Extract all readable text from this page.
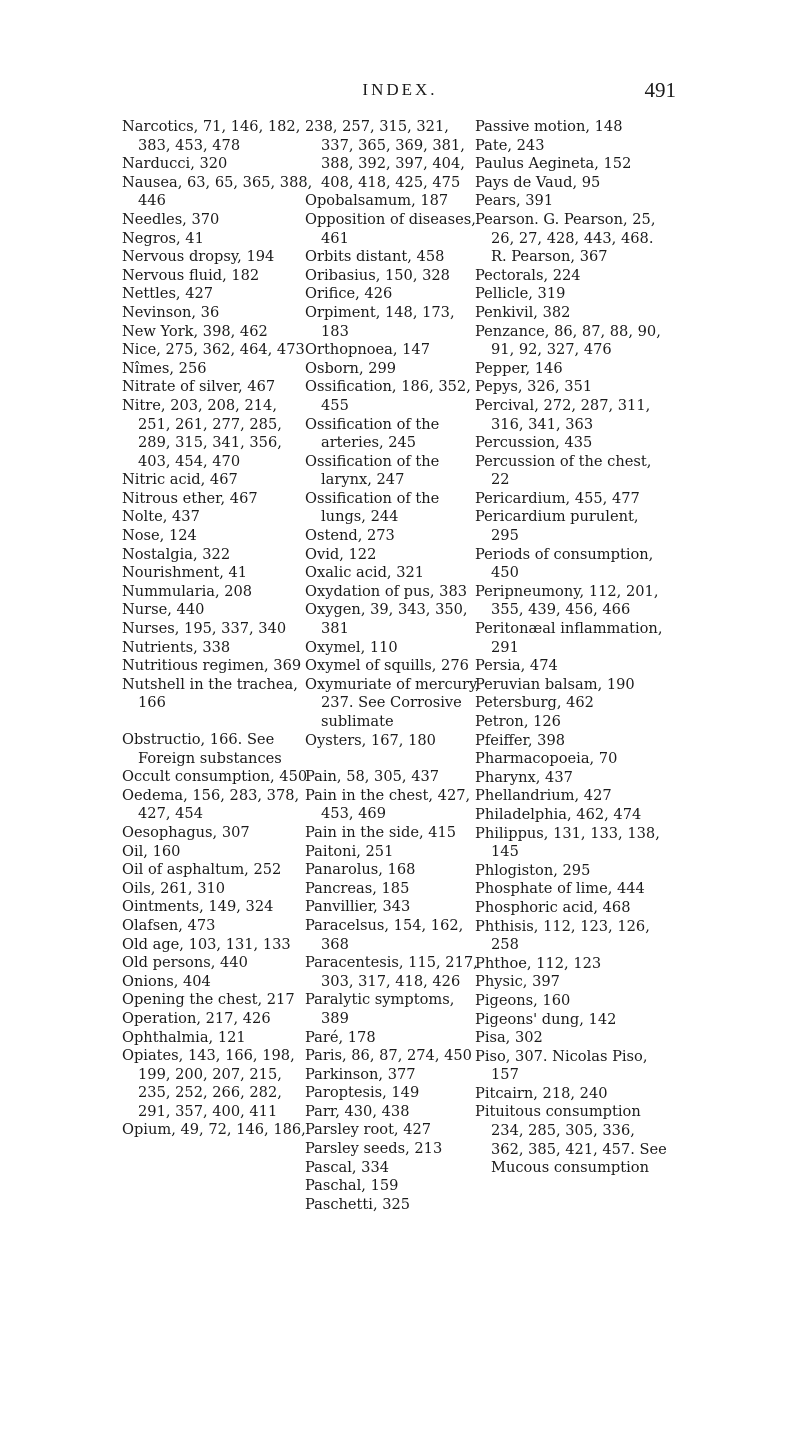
INDEX.	491
Narcotics, 71, 146, 182, 383, 453, 478
Narducci, 320
Nausea, 63, 65, 365, 388, 446
Needles, 370
Negros, 41
Nervous dropsy, 194
Nervous fluid, 182
Nettles, 427
Nevinson, 36
New York, 398, 462
Nice, 275, 362, 464, 473
Nîmes, 256
Nitrate of silver, 467
Nitre, 203, 208, 214, 251, 261, 277, 285, 289, 315, 341, 356, 403, 454, 470
Nitric acid, 467
Nitrous ether, 467
Nolte, 437
Nose, 124
Nostalgia, 322
Nourishment, 41
Nummularia, 208
Nurse, 440
Nurses, 195, 337, 340
Nutrients, 338
Nutritious regimen, 369
Nutshell in the trachea, 166
Obstructio, 166. See Foreign substances
Occult consumption, 450
Oedema, 156, 283, 378, 427, 454
Oesophagus, 307
Oil, 160
Oil of asphaltum, 252
Oils, 261, 310
Ointments, 149, 324
Olafsen, 473
Old age, 103, 131, 133
Old persons, 440
Onions, 404
Opening the chest, 217
Operation, 217, 426
Ophthalmia, 121
Opiates, 143, 166, 198, 199, 200, 207, 215, 235, 252, 266, 282, 291, 357, 400, 411
Opium, 49, 72, 146, 186,
238, 257, 315, 321, 337, 365, 369, 381, 388, 392, 397, 404, 408, 418, 425, 475
Opobalsamum, 187
Opposition of diseases, 461
Orbits distant, 458
Oribasius, 150, 328
Orifice, 426
Orpiment, 148, 173, 183
Orthopnoea, 147
Osborn, 299
Ossification, 186, 352, 455
Ossification of the arteries, 245
Ossification of the larynx, 247
Ossification of the lungs, 244
Ostend, 273
Ovid, 122
Oxalic acid, 321
Oxydation of pus, 383
Oxygen, 39, 343, 350, 381
Oxymel, 110
Oxymel of squills, 276
Oxymuriate of mercury, 237. See Corrosive sublimate
Oysters, 167, 180
Pain, 58, 305, 437
Pain in the chest, 427, 453, 469
Pain in the side, 415
Paitoni, 251
Panarolus, 168
Pancreas, 185
Panvillier, 343
Paracelsus, 154, 162, 368
Paracentesis, 115, 217, 303, 317, 418, 426
Paralytic symptoms, 389
Paré, 178
Paris, 86, 87, 274, 450
Parkinson, 377
Paroptesis, 149
Parr, 430, 438
Parsley root, 427
Parsley seeds, 213
Pascal, 334
Paschal, 159
Paschetti, 325
Passive motion, 148
Pate, 243
Paulus Aegineta, 152
Pays de Vaud, 95
Pears, 391
Pearson. G. Pearson, 25, 26, 27, 428, 443, 468. R. Pearson, 367
Pectorals, 224
Pellicle, 319
Penkivil, 382
Penzance, 86, 87, 88, 90, 91, 92, 327, 476
Pepper, 146
Pepys, 326, 351
Percival, 272, 287, 311, 316, 341, 363
Percussion, 435
Percussion of the chest, 22
Pericardium, 455, 477
Pericardium purulent, 295
Periods of consumption, 450
Peripneumony, 112, 201, 355, 439, 456, 466
Peritonæal inflammation, 291
Persia, 474
Peruvian balsam, 190
Petersburg, 462
Petron, 126
Pfeiffer, 398
Pharmacopoeia, 70
Pharynx, 437
Phellandrium, 427
Philadelphia, 462, 474
Philippus, 131, 133, 138, 145
Phlogiston, 295
Phosphate of lime, 444
Phosphoric acid, 468
Phthisis, 112, 123, 126, 258
Phthoe, 112, 123
Physic, 397
Pigeons, 160
Pigeons' dung, 142
Pisa, 302
Piso, 307. Nicolas Piso, 157
Pitcairn, 218, 240
Pituitous consumption 234, 285, 305, 336, 362, 385, 421, 457. See Mucous consumption
